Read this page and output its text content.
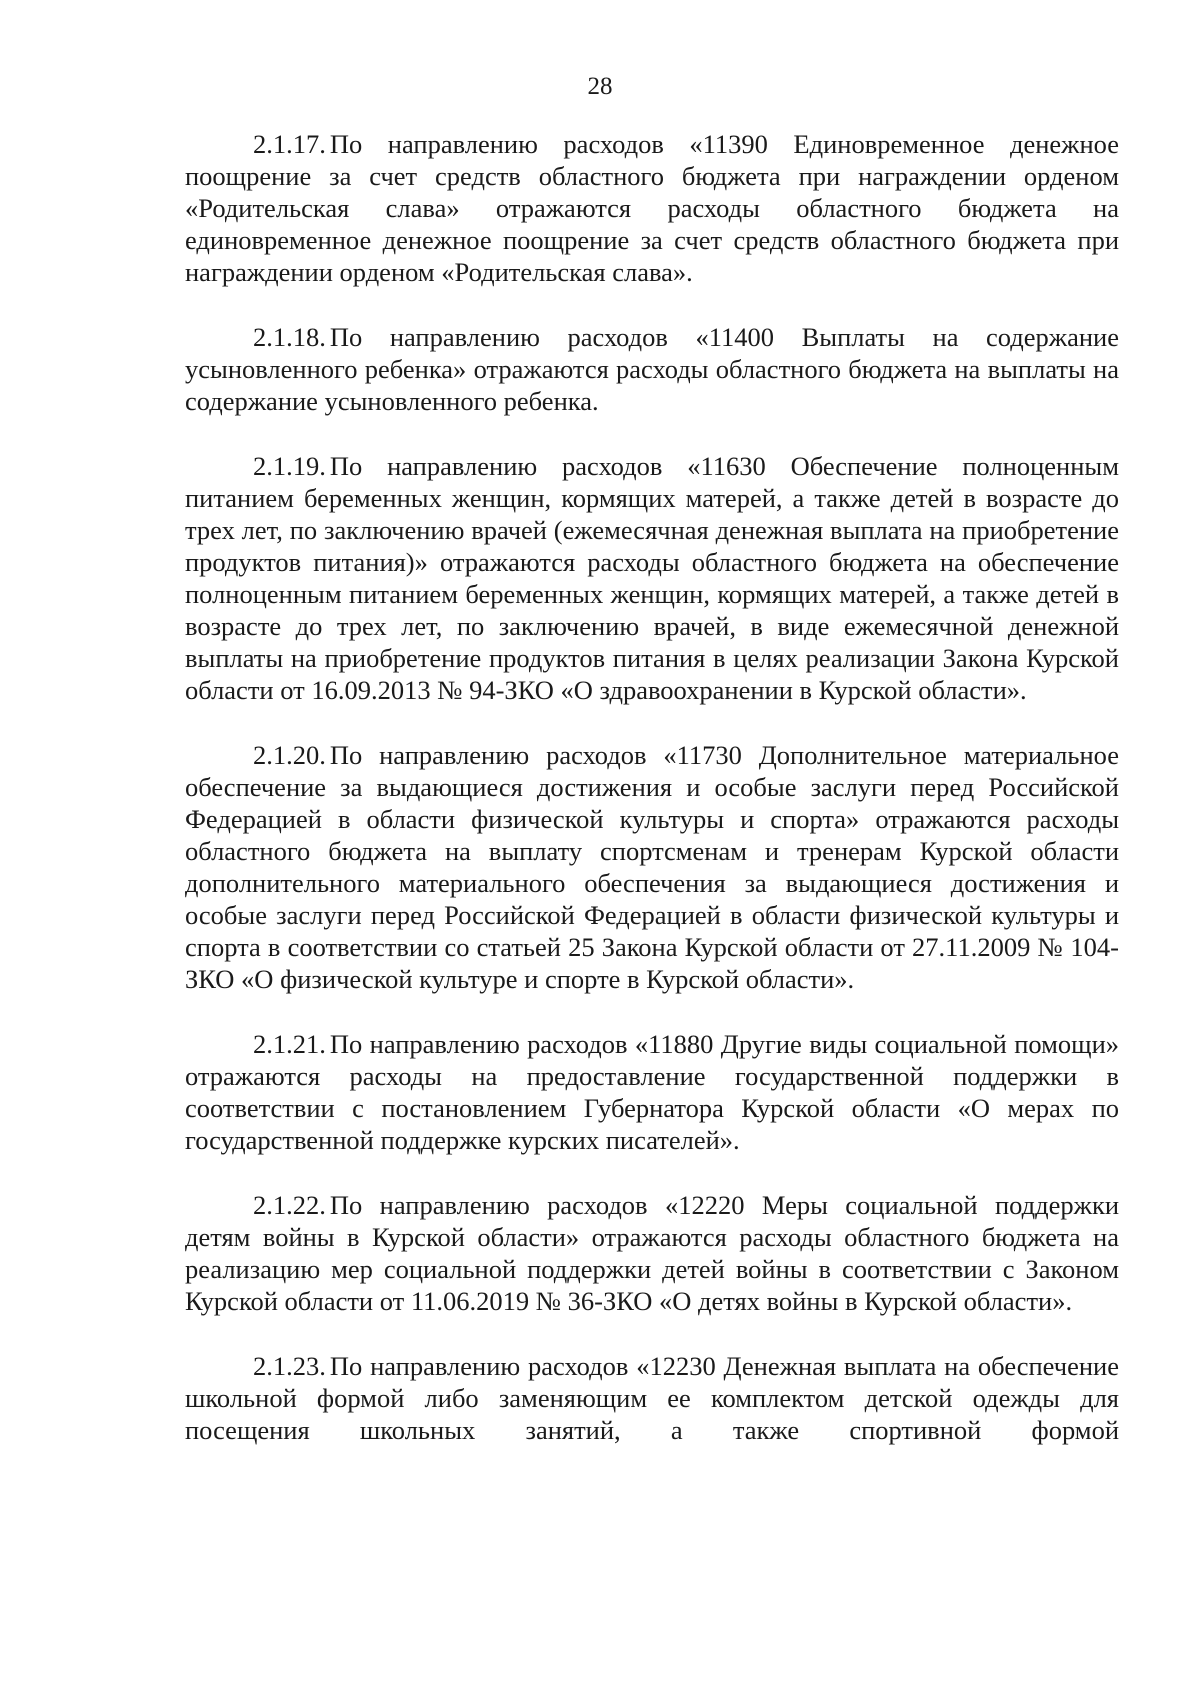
28

2.1.17. По направлению расходов «11390 Единовременное денежное поощрение за счет средств областного бюджета при награждении орденом «Родительская слава» отражаются расходы областного бюджета на единовременное денежное поощрение за счет средств областного бюджета при награждении орденом «Родительская слава».

2.1.18. По направлению расходов «11400 Выплаты на содержание усыновленного ребенка» отражаются расходы областного бюджета на выплаты на содержание усыновленного ребенка.

2.1.19. По направлению расходов «11630 Обеспечение полноценным питанием беременных женщин, кормящих матерей, а также детей в возрасте до трех лет, по заключению врачей (ежемесячная денежная выплата на приобретение продуктов питания)» отражаются расходы областного бюджета на обеспечение полноценным питанием беременных женщин, кормящих матерей, а также детей в возрасте до трех лет, по заключению врачей, в виде ежемесячной денежной выплаты на приобретение продуктов питания в целях реализации Закона Курской области от 16.09.2013 № 94-ЗКО «О здравоохранении в Курской области».

2.1.20. По направлению расходов «11730 Дополнительное материальное обеспечение за выдающиеся достижения и особые заслуги перед Российской Федерацией в области физической культуры и спорта» отражаются расходы областного бюджета на выплату спортсменам и тренерам Курской области дополнительного материального обеспечения за выдающиеся достижения и особые заслуги перед Российской Федерацией в области физической культуры и спорта в соответствии со статьей 25 Закона Курской области от 27.11.2009 № 104-ЗКО «О физической культуре и спорте в Курской области».

2.1.21. По направлению расходов «11880 Другие виды социальной помощи» отражаются расходы на предоставление государственной поддержки в соответствии с постановлением Губернатора Курской области «О мерах по государственной поддержке курских писателей».

2.1.22. По направлению расходов «12220 Меры социальной поддержки детям войны в Курской области» отражаются расходы областного бюджета на реализацию мер социальной поддержки детей войны в соответствии с Законом Курской области от 11.06.2019 № 36-ЗКО «О детях войны в Курской области».

2.1.23. По направлению расходов «12230 Денежная выплата на обеспечение школьной формой либо заменяющим ее комплектом детской одежды для посещения школьных занятий, а также спортивной формой
